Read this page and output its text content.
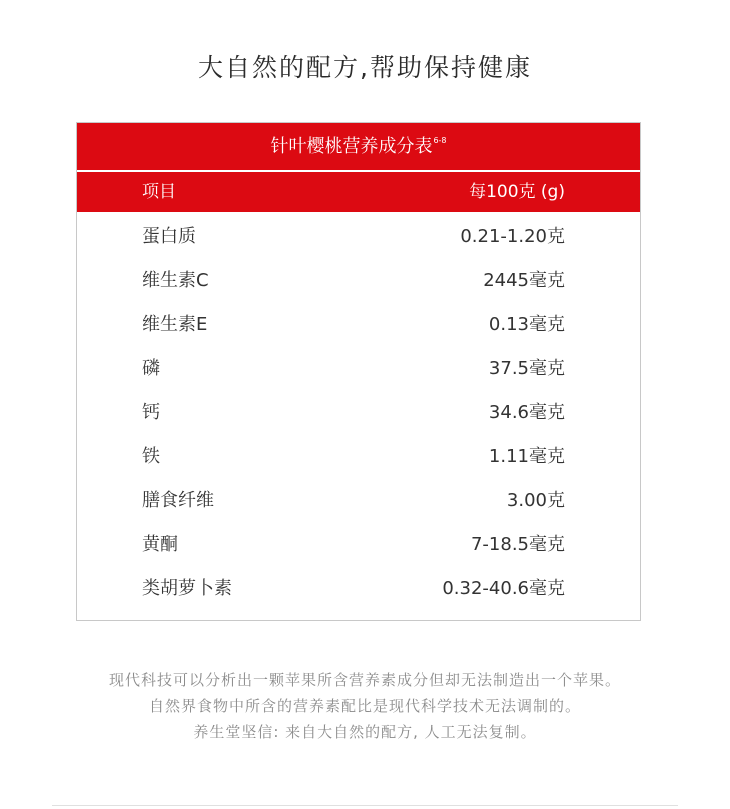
大自然的配方,帮助保持健康
针叶樱桃营养成分表$^{6-8}$
项目	每100克 (g)
蛋白质	0.21-1.20克
维生素C	2445毫克
维生素E	0.13毫克
磷	37.5毫克
钙	34.6毫克
铁	1.11毫克
膳食纤维	3.00克
黄酮	7-18.5毫克
类胡萝卜素	0.32-40.6毫克
现代科技可以分析出一颗苹果所含营养素成分但却无法制造出一个苹果。
自然界食物中所含的营养素配比是现代科学技术无法调制的。
养生堂坚信: 来自大自然的配方, 人工无法复制。
